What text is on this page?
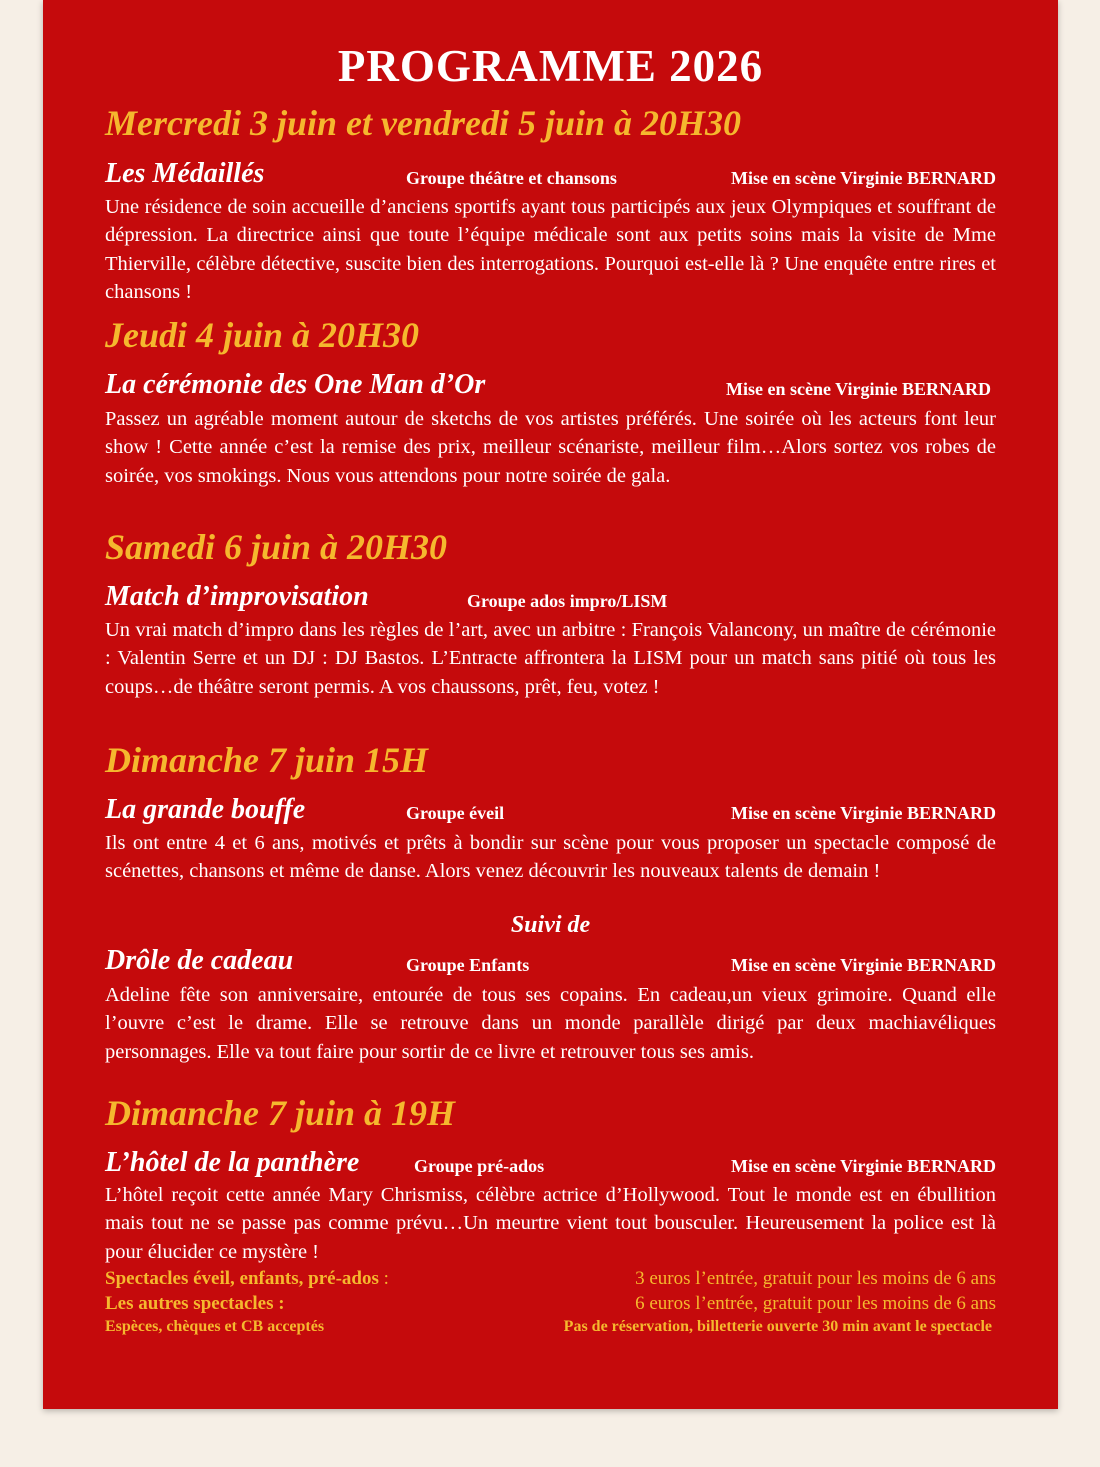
PROGRAMME 2026
Mercredi 3 juin et vendredi 5 juin à 20H30
Les Médaillés	Groupe théâtre et chansons	Mise en scène Virginie BERNARD

Une résidence de soin accueille d’anciens sportifs ayant tous participés aux jeux Olympiques et souffrant de dépression. La directrice ainsi que toute l’équipe médicale sont aux petits soins mais la visite de Mme Thierville, célèbre détective, suscite bien des interrogations. Pourquoi est-elle là ? Une enquête entre rires et chansons !

Jeudi 4 juin à 20H30
La cérémonie des One Man d’Or	Mise en scène Virginie BERNARD

Passez un agréable moment autour de sketchs de vos artistes préférés. Une soirée où les acteurs font leur show ! Cette année c’est la remise des prix, meilleur scénariste, meilleur film…Alors sortez vos robes de soirée, vos smokings. Nous vous attendons pour notre soirée de gala.

Samedi 6 juin à 20H30
Match d’improvisation	Groupe ados impro/LISM

Un vrai match d’impro dans les règles de l’art, avec un arbitre : François Valancony, un maître de cérémonie : Valentin Serre et un DJ : DJ Bastos. L’Entracte affrontera la LISM pour un match sans pitié où tous les coups…de théâtre seront permis. A vos chaussons, prêt, feu, votez !

Dimanche 7 juin 15H
La grande bouffe	Groupe éveil	Mise en scène Virginie BERNARD

Ils ont entre 4 et 6 ans, motivés et prêts à bondir sur scène pour vous proposer un spectacle composé de scénettes, chansons et même de danse. Alors venez découvrir les nouveaux talents de demain !

Suivi de
Drôle de cadeau	Groupe Enfants	Mise en scène Virginie BERNARD

Adeline fête son anniversaire, entourée de tous ses copains. En cadeau,un vieux grimoire. Quand elle l’ouvre c’est le drame. Elle se retrouve dans un monde parallèle dirigé par deux machiavéliques personnages. Elle va tout faire pour sortir de ce livre et retrouver tous ses amis.

Dimanche 7 juin à 19H
L’hôtel de la panthère	Groupe pré-ados	Mise en scène Virginie BERNARD

L’hôtel reçoit cette année Mary Chrismiss, célèbre actrice d’Hollywood. Tout le monde est en ébullition mais tout ne se passe pas comme prévu…Un meurtre vient tout bousculer. Heureusement la police est là pour élucider ce mystère !

Spectacles éveil, enfants, pré-ados :	3 euros l’entrée, gratuit pour les moins de 6 ans
Les autres spectacles :	6 euros l’entrée, gratuit pour les moins de 6 ans
Espèces, chèques et CB acceptés	Pas de réservation, billetterie ouverte 30 min avant le spectacle
